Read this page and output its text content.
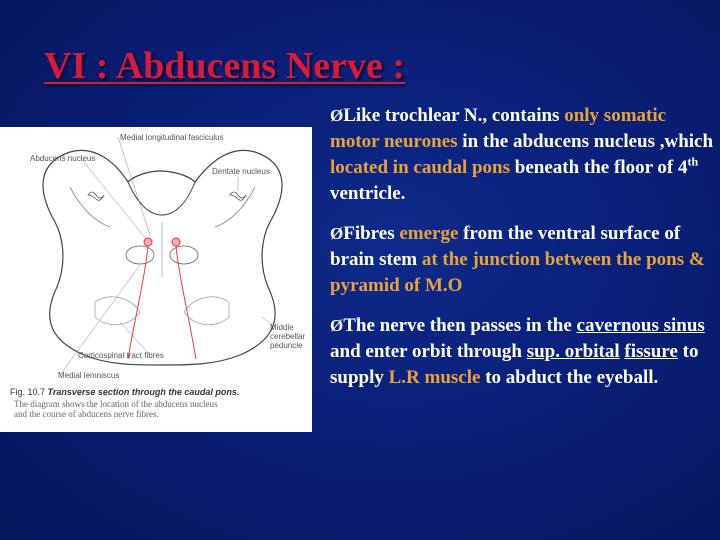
VI : Abducens Nerve :
Medial longitudinal fasciculus
Abducens nucleus
Dentate nucleus
Middle
cerebellar
peduncle
Corticospinal tract fibres
Medial lemniscus
Fig. 10.7 Transverse section through the caudal pons.
The diagram shows the location of the abducens nucleus
and the course of abducens nerve fibres.
ØLike trochlear N., contains only somatic motor neurones in the abducens nucleus ,which located in caudal pons beneath the floor of 4th ventricle.
ØFibres emerge from the ventral surface of brain stem at the junction between the pons & pyramid of M.O
ØThe nerve then passes in the cavernous sinus and enter orbit through sup. orbital fissure to supply L.R muscle to abduct the eyeball.
